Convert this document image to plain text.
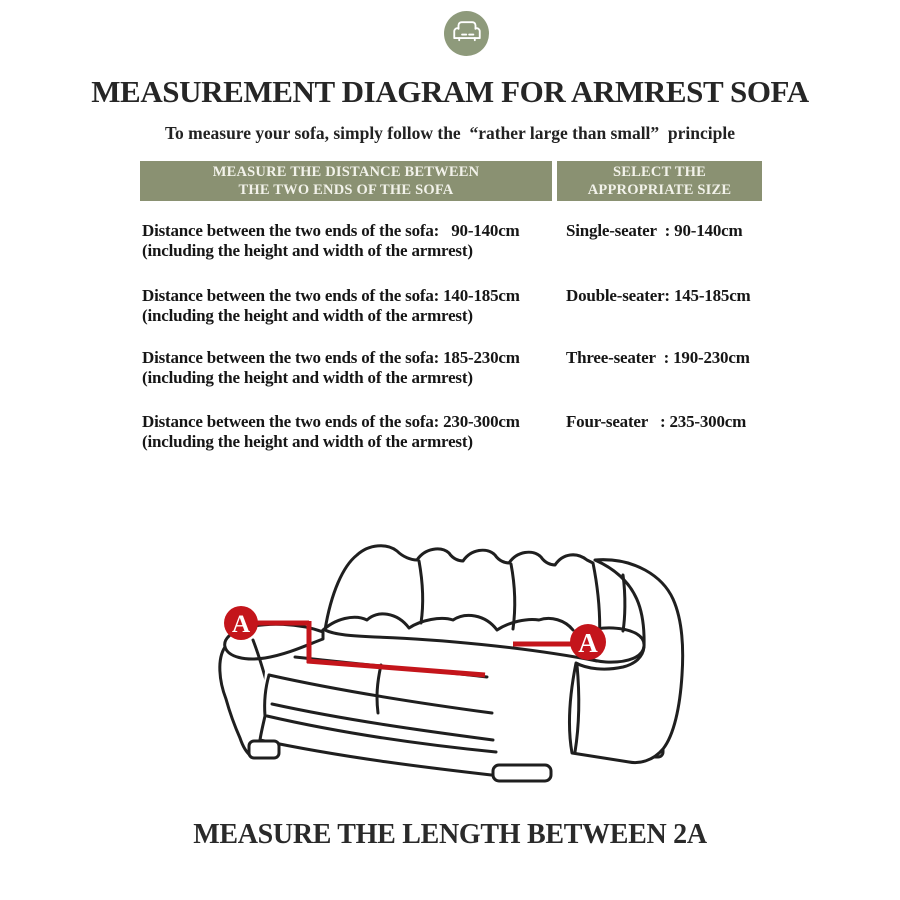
MEASUREMENT DIAGRAM FOR ARMREST SOFA
To measure your sofa, simply follow the  “rather large than small”  principle
MEASURE THE DISTANCE BETWEEN
THE TWO ENDS OF THE SOFA
SELECT THE
APPROPRIATE SIZE
Distance between the two ends of the sofa:   90-140cm
(including the height and width of the armrest)
Single-seater  : 90-140cm
Distance between the two ends of the sofa: 140-185cm
(including the height and width of the armrest)
Double-seater: 145-185cm
Distance between the two ends of the sofa: 185-230cm
(including the height and width of the armrest)
Three-seater  : 190-230cm
Distance between the two ends of the sofa: 230-300cm
(including the height and width of the armrest)
Four-seater   : 235-300cm
A
A
MEASURE THE LENGTH BETWEEN 2A
